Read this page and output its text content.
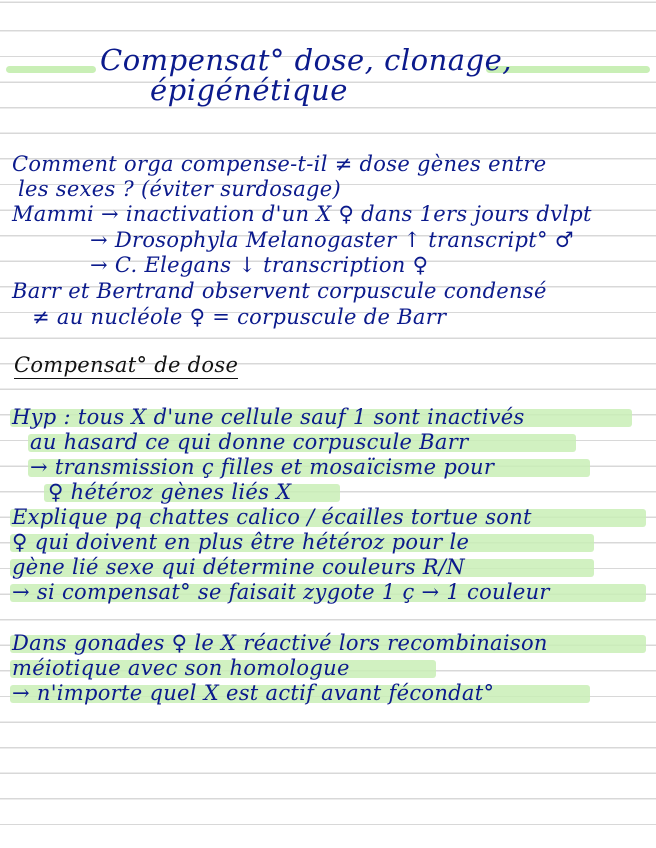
Compensat° dose, clonage,
épigénétique
Comment orga compense-t-il ≠ dose gènes entre
les sexes ? (éviter surdosage)
Mammi → inactivation d'un X ♀ dans 1ers jours dvlpt
→ Drosophyla Melanogaster ↑ transcript° ♂
→ C. Elegans ↓ transcription ♀
Barr et Bertrand observent corpuscule condensé
≠ au nucléole ♀ = corpuscule de Barr
Compensat° de dose
Hyp : tous X d'une cellule sauf 1 sont inactivés
au hasard ce qui donne corpuscule Barr
→ transmission ç filles et mosaïcisme pour
♀ hétéroz gènes liés X
Explique pq chattes calico / écailles tortue sont
♀ qui doivent en plus être hétéroz pour le
gène lié sexe qui détermine couleurs R/N
→ si compensat° se faisait zygote 1 ç → 1 couleur
Dans gonades ♀ le X réactivé lors recombinaison
méiotique avec son homologue
→ n'importe quel X est actif avant fécondat°
